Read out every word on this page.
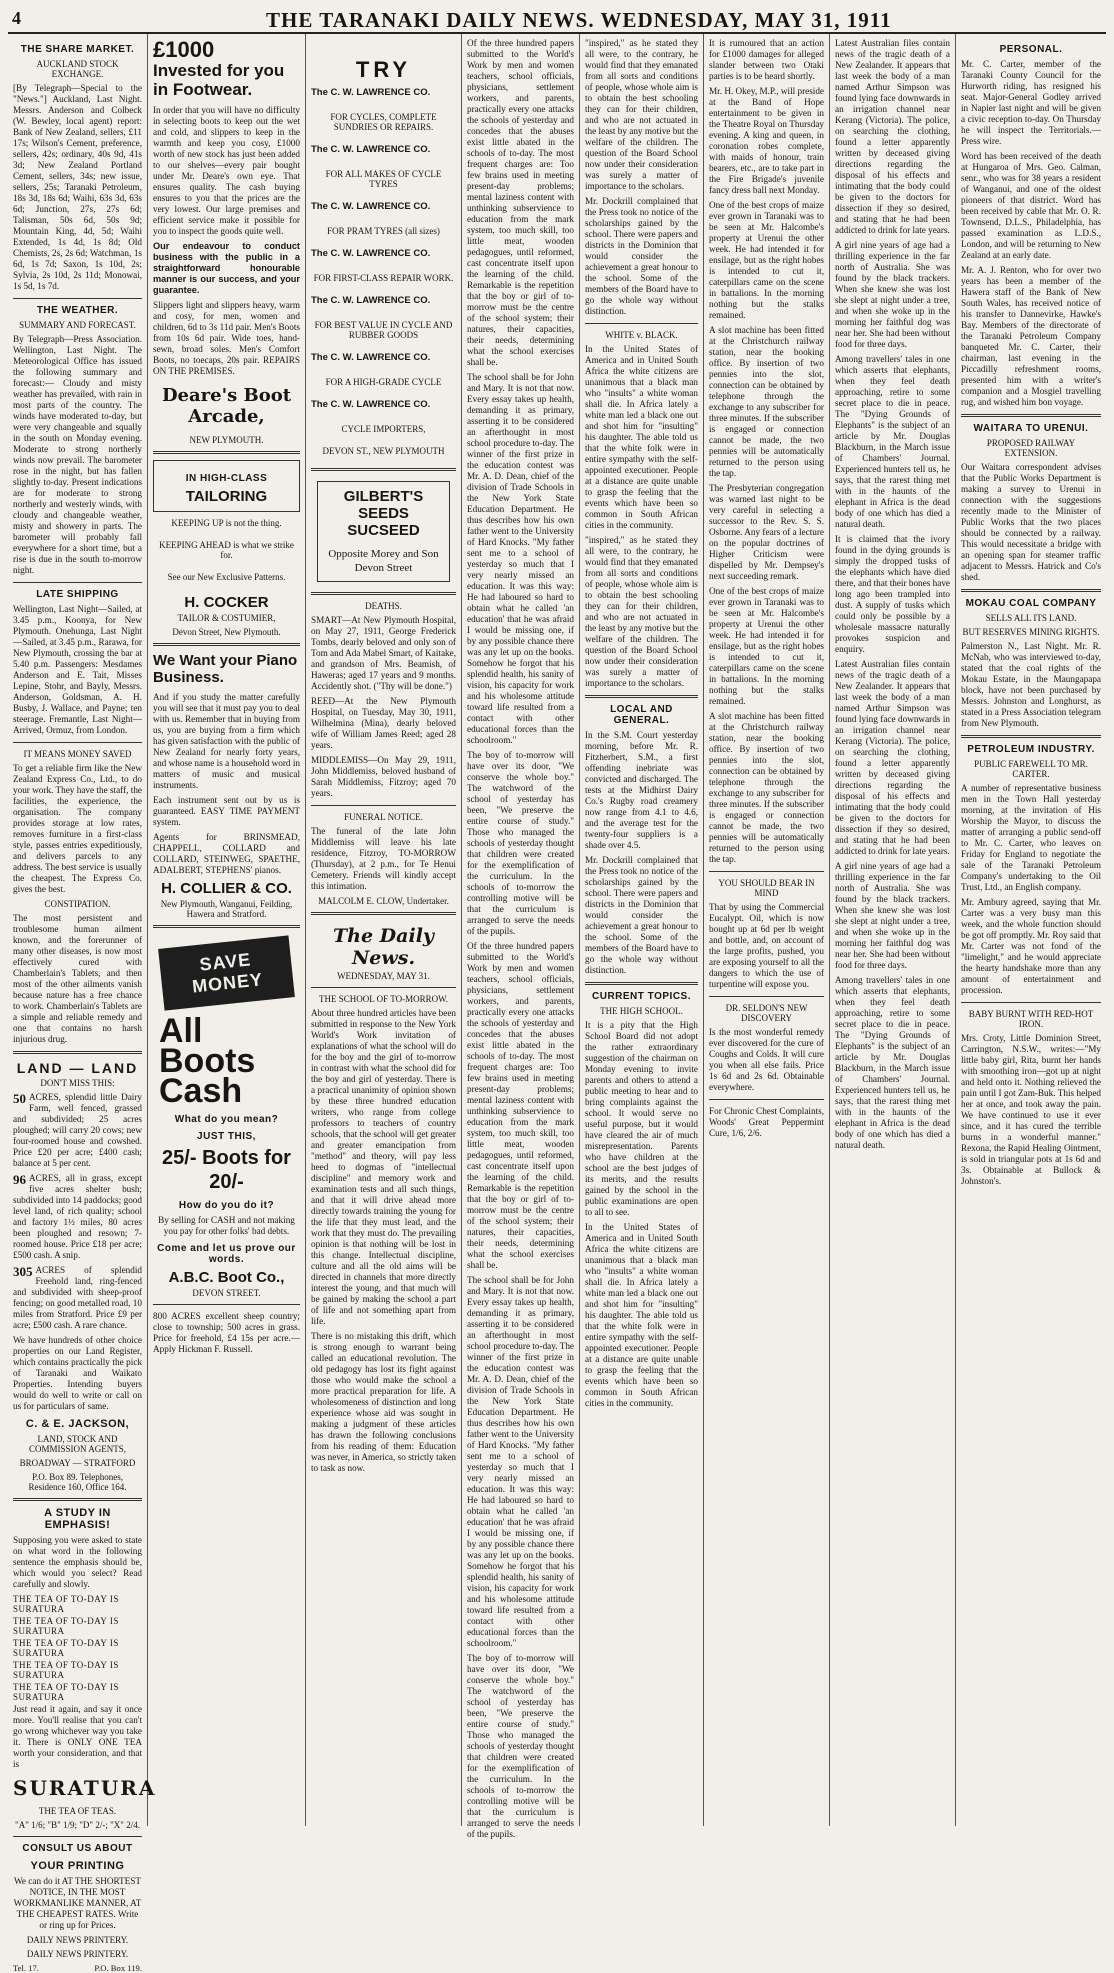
4	THE TARANAKI DAILY NEWS. WEDNESDAY, MAY 31, 1911
THE SHARE MARKET.
AUCKLAND STOCK EXCHANGE.

[By Telegraph—Special to the "News."] Auckland, Last Night. Messrs. Anderson and Colbeck (W. Bewley, local agent) report: Bank of New Zealand, sellers, £11 17s; Wilson's Cement, preference, sellers, 42s; ordinary, 40s 9d, 41s 3d; New Zealand Portland Cement, sellers, 34s; new issue, sellers, 25s; Taranaki Petroleum, 18s 3d, 18s 6d; Waihi, 63s 3d, 63s 6d; Junction, 27s, 27s 6d; Talisman, 50s 6d, 50s 9d; Mountain King, 4d, 5d; Waihi Extended, 1s 4d, 1s 8d; Old Chemists, 2s, 2s 6d; Watchman, 1s 6d, 1s 7d; Saxon, 1s 10d, 2s; Sylvia, 2s 10d, 2s 11d; Monowai, 1s 5d, 1s 7d.

THE WEATHER.
SUMMARY AND FORECAST.

By Telegraph—Press Association. Wellington, Last Night. The Meteorological Office has issued the following summary and forecast:— Cloudy and misty weather has prevailed, with rain in most parts of the country. The winds have moderated to-day, but were very changeable and squally in the south on Monday evening. Moderate to strong northerly winds now prevail. The barometer rose in the night, but has fallen slightly to-day. Present indications are for moderate to strong northerly and westerly winds, with cloudy and changeable weather, misty and showery in parts. The barometer will probably fall everywhere for a short time, but a rise is due in the south to-morrow night.

LATE SHIPPING

Wellington, Last Night—Sailed, at 3.45 p.m., Koonya, for New Plymouth. Onehunga, Last Night—Sailed, at 3.45 p.m., Rarawa, for New Plymouth, crossing the bar at 5.40 p.m. Passengers: Mesdames Anderson and E. Tait, Misses Lepine, Stohr, and Bayly, Messrs. Anderson, Goldsman, A. H. Busby, J. Wallace, and Payne; ten steerage. Fremantle, Last Night—Arrived, Ormuz, from London.

IT MEANS MONEY SAVED

To get a reliable firm like the New Zealand Express Co., Ltd., to do your work. They have the staff, the facilities, the experience, the organisation. The company provides storage at low rates, removes furniture in a first-class style, passes entries expeditiously, and delivers parcels to any address. The best service is usually the cheapest. The Express Co. gives the best.

CONSTIPATION.

The most persistent and troublesome human ailment known, and the forerunner of many other diseases, is now most effectively cured with Chamberlain's Tablets, and then most of the other ailments vanish because nature has a free chance to work. Chamberlain's Tablets are a simple and reliable remedy and one that contains no harsh injurious drug.

LAND — LAND
DON'T MISS THIS:

50 ACRES, splendid little Dairy Farm, well fenced, grassed and subdivided; 25 acres ploughed; will carry 20 cows; new four-roomed house and cowshed. Price £20 per acre; £400 cash; balance at 5 per cent.

96 ACRES, all in grass, except five acres shelter bush; subdivided into 14 paddocks; good level land, of rich quality; school and factory 1½ miles, 80 acres been ploughed and resown; 7-roomed house. Price £18 per acre; £500 cash. A snip.

305 ACRES of splendid Freehold land, ring-fenced and subdivided with sheep-proof fencing; on good metalled road, 10 miles from Stratford. Price £9 per acre; £500 cash. A rare chance.

We have hundreds of other choice properties on our Land Register, which contains practically the pick of Taranaki and Waikato Properties. Intending buyers would do well to write or call on us for particulars of same.

C. & E. JACKSON,
LAND, STOCK AND COMMISSION AGENTS,
BROADWAY — STRATFORD
P.O. Box 89. Telephones, Residence 160, Office 164.
A STUDY IN EMPHASIS!

Supposing you were asked to state on what word in the following sentence the emphasis should be, which would you select? Read carefully and slowly.

THE TEA OF TO-DAY IS SURATURA
THE TEA OF TO-DAY IS SURATURA
THE TEA OF TO-DAY IS SURATURA
THE TEA OF TO-DAY IS SURATURA
THE TEA OF TO-DAY IS SURATURA

Just read it again, and say it once more. You'll realise that you can't go wrong whichever way you take it. There is ONLY ONE TEA worth your consideration, and that is

SURATURA
THE TEA OF TEAS.
"A" 1/6; "B" 1/9; "D" 2/-; "X" 2/4.
CONSULT US ABOUT
YOUR PRINTING

We can do it AT THE SHORTEST NOTICE, IN THE MOST WORKMANLIKE MANNER, AT THE CHEAPEST RATES. Write or ring up for Prices.

DAILY NEWS PRINTERY.
DAILY NEWS PRINTERY.
Tel. 17.	P.O. Box 119.
£1000
Invested for you in Footwear.

In order that you will have no difficulty in selecting boots to keep out the wet and cold, and slippers to keep in the warmth and keep you cosy, £1000 worth of new stock has just been added to our shelves—every pair bought under Mr. Deare's own eye. That ensures quality. The cash buying ensures to you that the prices are the very lowest. Our large premises and efficient service make it possible for you to inspect the goods quite well.

Our endeavour to conduct business with the public in a straightforward honourable manner is our success, and your guarantee.

Slippers light and slippers heavy, warm and cosy, for men, women and children, 6d to 3s 11d pair. Men's Boots from 10s 6d pair. Wide toes, hand-sewn, broad soles. Men's Comfort Boots, no toecaps, 20s pair. REPAIRS ON THE PREMISES.

Deare's Boot Arcade,
NEW PLYMOUTH.
IN HIGH-CLASS
TAILORING
KEEPING UP is not the thing.
KEEPING AHEAD is what we strike for.
See our New Exclusive Patterns.
H. COCKER
TAILOR & COSTUMIER,
Devon Street, New Plymouth.
We Want your Piano Business.

And if you study the matter carefully you will see that it must pay you to deal with us. Remember that in buying from us, you are buying from a firm which has given satisfaction with the public of New Zealand for nearly forty years, and whose name is a household word in matters of music and musical instruments.

Each instrument sent out by us is guaranteed. EASY TIME PAYMENT system.

Agents for BRINSMEAD, CHAPPELL, COLLARD and COLLARD, STEINWEG, SPAETHE, ADALBERT, STEPHENS' pianos.

H. COLLIER & CO.
New Plymouth, Wanganui, Feilding, Hawera and Stratford.
SAVE MONEY
All
Boots
Cash
What do you mean?
JUST THIS,
25/- Boots for 20/-
How do you do it?

By selling for CASH and not making you pay for other folks' bad debts.

Come and let us prove our words.
A.B.C. Boot Co.,
DEVON STREET.

800 ACRES excellent sheep country; close to township; 500 acres in grass. Price for freehold, £4 15s per acre.—Apply Hickman F. Russell.

TRY
The C. W. LAWRENCE CO.
FOR CYCLES, COMPLETE SUNDRIES OR REPAIRS.
The C. W. LAWRENCE CO.
FOR ALL MAKES OF CYCLE TYRES
The C. W. LAWRENCE CO.
FOR PRAM TYRES (all sizes)
The C. W. LAWRENCE CO.
FOR FIRST-CLASS REPAIR WORK.
The C. W. LAWRENCE CO.
FOR BEST VALUE IN CYCLE AND RUBBER GOODS
The C. W. LAWRENCE CO.
FOR A HIGH-GRADE CYCLE
The C. W. LAWRENCE CO.
CYCLE IMPORTERS,
DEVON ST., NEW PLYMOUTH
GILBERT'S
SEEDS
SUCSEED
Opposite Morey and Son Devon Street
DEATHS.

SMART—At New Plymouth Hospital, on May 27, 1911, George Frederick Tombs, dearly beloved and only son of Tom and Ada Mabel Smart, of Kaitake, and grandson of Mrs. Beamish, of Haweras; aged 17 years and 9 months. Accidently shot. ("Thy will be done.")

REED—At the New Plymouth Hospital, on Tuesday, May 30, 1911, Wilhelmina (Mina), dearly beloved wife of William James Reed; aged 28 years.

MIDDLEMISS—On May 29, 1911, John Middlemiss, beloved husband of Sarah Middlemiss, Fitzroy; aged 70 years.

FUNERAL NOTICE.

The funeral of the late John Middlemiss will leave his late residence, Fitzroy, TO-MORROW (Thursday), at 2 p.m., for Te Henui Cemetery. Friends will kindly accept this intimation.

MALCOLM E. CLOW, Undertaker.
The Daily News.
WEDNESDAY, MAY 31.
THE SCHOOL OF TO-MORROW.

About three hundred articles have been submitted in response to the New York World's Work invitation of explanations of what the school will do for the boy and the girl of to-morrow in contrast with what the school did for the boy and girl of yesterday. There is a practical unanimity of opinion shown by these three hundred education writers, who range from college professors to teachers of country schools, that the school will get greater and greater emancipation from "method" and theory, will pay less heed to dogmas of "intellectual discipline" and memory work and examination tests and all such things, and that it will drive ahead more directly towards training the young for the life that they must lead, and the work that they must do. The prevailing opinion is that nothing will be lost in this change. Intellectual discipline, culture and all the old aims will be directed in channels that more directly interest the young, and that much will be gained by making the school a part of life and not something apart from life.

There is no mistaking this drift, which is strong enough to warrant being called an educational revolution. The old pedagogy has lost its fight against those who would make the school a more practical preparation for life. A wholesomeness of distinction and long experience whose aid was sought in making a judgment of these articles has drawn the following conclusions from his reading of them: Education was never, in America, so strictly taken to task as now.

Of the three hundred papers submitted to the World's Work by men and women teachers, school officials, physicians, settlement workers, and parents, practically every one attacks the schools of yesterday and concedes that the abuses exist little abated in the schools of to-day. The most frequent charges are: Too few brains used in meeting present-day problems; mental laziness content with unthinking subservience to education from the mark system, too much skill, too little meat, wooden pedagogues, until reformed, cast concentrate itself upon the learning of the child. Remarkable is the repetition that the boy or girl of to-morrow must be the centre of the school system; their natures, their capacities, their needs, determining what the school exercises shall be.

The school shall be for John and Mary. It is not that now. Every essay takes up health, demanding it as primary, asserting it to be considered an afterthought in most school procedure to-day. The winner of the first prize in the education contest was Mr. A. D. Dean, chief of the division of Trade Schools in the New York State Education Department. He thus describes how his own father went to the University of Hard Knocks. "My father sent me to a school of yesterday so much that I very nearly missed an education. It was this way: He had laboured so hard to obtain what he called 'an education' that he was afraid I would be missing one, if by any possible chance there was any let up on the books. Somehow he forgot that his splendid health, his sanity of vision, his capacity for work and his wholesome attitude toward life resulted from a contact with other educational forces than the schoolroom."

The boy of to-morrow will have over its door, "We conserve the whole boy." The watchword of the school of yesterday has been, "We preserve the entire course of study." Those who managed the schools of yesterday thought that children were created for the exemplification of the curriculum. In the schools of to-morrow the controlling motive will be that the curriculum is arranged to serve the needs of the pupils.

Of the three hundred papers submitted to the World's Work by men and women teachers, school officials, physicians, settlement workers, and parents, practically every one attacks the schools of yesterday and concedes that the abuses exist little abated in the schools of to-day. The most frequent charges are: Too few brains used in meeting present-day problems; mental laziness content with unthinking subservience to education from the mark system, too much skill, too little meat, wooden pedagogues, until reformed, cast concentrate itself upon the learning of the child. Remarkable is the repetition that the boy or girl of to-morrow must be the centre of the school system; their natures, their capacities, their needs, determining what the school exercises shall be.

The school shall be for John and Mary. It is not that now. Every essay takes up health, demanding it as primary, asserting it to be considered an afterthought in most school procedure to-day. The winner of the first prize in the education contest was Mr. A. D. Dean, chief of the division of Trade Schools in the New York State Education Department. He thus describes how his own father went to the University of Hard Knocks. "My father sent me to a school of yesterday so much that I very nearly missed an education. It was this way: He had laboured so hard to obtain what he called 'an education' that he was afraid I would be missing one, if by any possible chance there was any let up on the books. Somehow he forgot that his splendid health, his sanity of vision, his capacity for work and his wholesome attitude toward life resulted from a contact with other educational forces than the schoolroom."

The boy of to-morrow will have over its door, "We conserve the whole boy." The watchword of the school of yesterday has been, "We preserve the entire course of study." Those who managed the schools of yesterday thought that children were created for the exemplification of the curriculum. In the schools of to-morrow the controlling motive will be that the curriculum is arranged to serve the needs of the pupils.

"inspired," as he stated they all were, to the contrary, he would find that they emanated from all sorts and conditions of people, whose whole aim is to obtain the best schooling they can for their children, and who are not actuated in the least by any motive but the welfare of the children. The question of the Board School now under their consideration was surely a matter of importance to the scholars.

Mr. Dockrill complained that the Press took no notice of the scholarships gained by the school. There were papers and districts in the Dominion that would consider the achievement a great honour to the school. Some of the members of the Board have to go the whole way without distinction.

WHITE v. BLACK.

In the United States of America and in United South Africa the white citizens are unanimous that a black man who "insults" a white woman shall die. In Africa lately a white man led a black one out and shot him for "insulting" his daughter. The able told us that the white folk were in entire sympathy with the self-appointed executioner. People at a distance are quite unable to grasp the feeling that the events which have been so common in South African cities in the community.

"inspired," as he stated they all were, to the contrary, he would find that they emanated from all sorts and conditions of people, whose whole aim is to obtain the best schooling they can for their children, and who are not actuated in the least by any motive but the welfare of the children. The question of the Board School now under their consideration was surely a matter of importance to the scholars.

LOCAL AND GENERAL.

In the S.M. Court yesterday morning, before Mr. R. Fitzherbert, S.M., a first offending inebriate was convicted and discharged. The tests at the Midhirst Dairy Co.'s Rugby road creamery now range from 4.1 to 4.6, and the average test for the twenty-four suppliers is a shade over 4.5.

Mr. Dockrill complained that the Press took no notice of the scholarships gained by the school. There were papers and districts in the Dominion that would consider the achievement a great honour to the school. Some of the members of the Board have to go the whole way without distinction.

CURRENT TOPICS.
THE HIGH SCHOOL.

It is a pity that the High School Board did not adopt the rather extraordinary suggestion of the chairman on Monday evening to invite parents and others to attend a public meeting to hear and to bring complaints against the school. It would serve no useful purpose, but it would have cleared the air of much misrepresentation. Parents who have children at the school are the best judges of its merits, and the results gained by the school in the public examinations are open to all to see.

In the United States of America and in United South Africa the white citizens are unanimous that a black man who "insults" a white woman shall die. In Africa lately a white man led a black one out and shot him for "insulting" his daughter. The able told us that the white folk were in entire sympathy with the self-appointed executioner. People at a distance are quite unable to grasp the feeling that the events which have been so common in South African cities in the community.

It is rumoured that an action for £1000 damages for alleged slander between two Otaki parties is to be heard shortly.

Mr. H. Okey, M.P., will preside at the Band of Hope entertainment to be given in the Theatre Royal on Thursday evening. A king and queen, in coronation robes complete, with maids of honour, train bearers, etc., are to take part in the Fire Brigade's juvenile fancy dress ball next Monday.

One of the best crops of maize ever grown in Taranaki was to be seen at Mr. Halcombe's property at Urenui the other week. He had intended it for ensilage, but as the right hobes is intended to cut it, caterpillars came on the scene in battalions. In the morning nothing but the stalks remained.

A slot machine has been fitted at the Christchurch railway station, near the booking office. By insertion of two pennies into the slot, connection can be obtained by telephone through the exchange to any subscriber for three minutes. If the subscriber is engaged or connection cannot be made, the two pennies will be automatically returned to the person using the tap.

The Presbyterian congregation was warned last night to be very careful in selecting a successor to the Rev. S. S. Osborne. Any fears of a lecture on the popular doctrines of Higher Criticism were dispelled by Mr. Dempsey's next succeeding remark.

One of the best crops of maize ever grown in Taranaki was to be seen at Mr. Halcombe's property at Urenui the other week. He had intended it for ensilage, but as the right hobes is intended to cut it, caterpillars came on the scene in battalions. In the morning nothing but the stalks remained.

A slot machine has been fitted at the Christchurch railway station, near the booking office. By insertion of two pennies into the slot, connection can be obtained by telephone through the exchange to any subscriber for three minutes. If the subscriber is engaged or connection cannot be made, the two pennies will be automatically returned to the person using the tap.

YOU SHOULD BEAR IN MIND

That by using the Commercial Eucalypt. Oil, which is now bought up at 6d per lb weight and bottle, and, on account of the large profits, pushed, you are exposing yourself to all the dangers to which the use of turpentine will expose you.

DR. SELDON'S NEW DISCOVERY

Is the most wonderful remedy ever discovered for the cure of Coughs and Colds. It will cure you when all else fails. Price 1s 6d and 2s 6d. Obtainable everywhere.

For Chronic Chest Complaints, Woods' Great Peppermint Cure, 1/6, 2/6.

Latest Australian files contain news of the tragic death of a New Zealander. It appears that last week the body of a man named Arthur Simpson was found lying face downwards in an irrigation channel near Kerang (Victoria). The police, on searching the clothing, found a letter apparently written by deceased giving directions regarding the disposal of his effects and intimating that the body could be given to the doctors for dissection if they so desired, and stating that he had been addicted to drink for late years.

A girl nine years of age had a thrilling experience in the far north of Australia. She was found by the black trackers. When she knew she was lost she slept at night under a tree, and when she woke up in the morning her faithful dog was near her. She had been without food for three days.

Among travellers' tales in one which asserts that elephants, when they feel death approaching, retire to some secret place to die in peace. The "Dying Grounds of Elephants" is the subject of an article by Mr. Douglas Blackburn, in the March issue of Chambers' Journal. Experienced hunters tell us, he says, that the rarest thing met with in the haunts of the elephant in Africa is the dead body of one which has died a natural death.

It is claimed that the ivory found in the dying grounds is simply the dropped tusks of the elephants which have died there, and that their bones have long ago been trampled into dust. A supply of tusks which could only be possible by a wholesale massacre naturally provokes suspicion and enquiry.

Latest Australian files contain news of the tragic death of a New Zealander. It appears that last week the body of a man named Arthur Simpson was found lying face downwards in an irrigation channel near Kerang (Victoria). The police, on searching the clothing, found a letter apparently written by deceased giving directions regarding the disposal of his effects and intimating that the body could be given to the doctors for dissection if they so desired, and stating that he had been addicted to drink for late years.

A girl nine years of age had a thrilling experience in the far north of Australia. She was found by the black trackers. When she knew she was lost she slept at night under a tree, and when she woke up in the morning her faithful dog was near her. She had been without food for three days.

Among travellers' tales in one which asserts that elephants, when they feel death approaching, retire to some secret place to die in peace. The "Dying Grounds of Elephants" is the subject of an article by Mr. Douglas Blackburn, in the March issue of Chambers' Journal. Experienced hunters tell us, he says, that the rarest thing met with in the haunts of the elephant in Africa is the dead body of one which has died a natural death.

PERSONAL.

Mr. C. Carter, member of the Taranaki County Council for the Hurworth riding, has resigned his seat. Major-General Godley arrived in Napier last night and will be given a civic reception to-day. On Thursday he will inspect the Territorials.—Press wire.

Word has been received of the death at Hungaroa of Mrs. Geo. Calman, senr., who was for 38 years a resident of Wanganui, and one of the oldest pioneers of that district. Word has been received by cable that Mr. O. R. Townsend, D.L.S., Philadelphia, has passed examination as L.D.S., London, and will be returning to New Zealand at an early date.

Mr. A. J. Renton, who for over two years has been a member of the Hawera staff of the Bank of New South Wales, has received notice of his transfer to Dannevirke, Hawke's Bay. Members of the directorate of the Taranaki Petroleum Company banqueted Mr. C. Carter, their chairman, last evening in the Piccadilly refreshment rooms, presented him with a writer's companion and a Mosgiel travelling rug, and wished him bon voyage.

WAITARA TO URENUI.
PROPOSED RAILWAY EXTENSION.

Our Waitara correspondent advises that the Public Works Department is making a survey to Urenui in connection with the suggestions recently made to the Minister of Public Works that the two places should be connected by a railway. This would necessitate a bridge with an opening span for steamer traffic adjacent to Messrs. Hatrick and Co's shed.

MOKAU COAL COMPANY
SELLS ALL ITS LAND.
BUT RESERVES MINING RIGHTS.

Palmerston N., Last Night. Mr. R. McNab, who was interviewed to-day, stated that the coal rights of the Mokau Estate, in the Maungapapa block, have not been purchased by Messrs. Johnston and Longhurst, as stated in a Press Association telegram from New Plymouth.

PETROLEUM INDUSTRY.
PUBLIC FAREWELL TO MR. CARTER.

A number of representative business men in the Town Hall yesterday morning, at the invitation of His Worship the Mayor, to discuss the matter of arranging a public send-off to Mr. C. Carter, who leaves on Friday for England to negotiate the sale of the Taranaki Petroleum Company's undertaking to the Oil Trust, Ltd., an English company.

Mr. Ambury agreed, saying that Mr. Carter was a very busy man this week, and the whole function should be got off promptly. Mr. Roy said that Mr. Carter was not fond of the "limelight," and he would appreciate the hearty handshake more than any amount of entertainment and procession.

BABY BURNT WITH RED-HOT IRON.

Mrs. Croty, Little Dominion Street, Carrington, N.S.W., writes:—"My little baby girl, Rita, burnt her hands with smoothing iron—got up at night and held onto it. Nothing relieved the pain until I got Zam-Buk. This helped her at once, and took away the pain. We have continued to use it ever since, and it has cured the terrible burns in a wonderful manner." Rexona, the Rapid Healing Ointment, is sold in triangular pots at 1s 6d and 3s. Obtainable at Bullock & Johnston's.
